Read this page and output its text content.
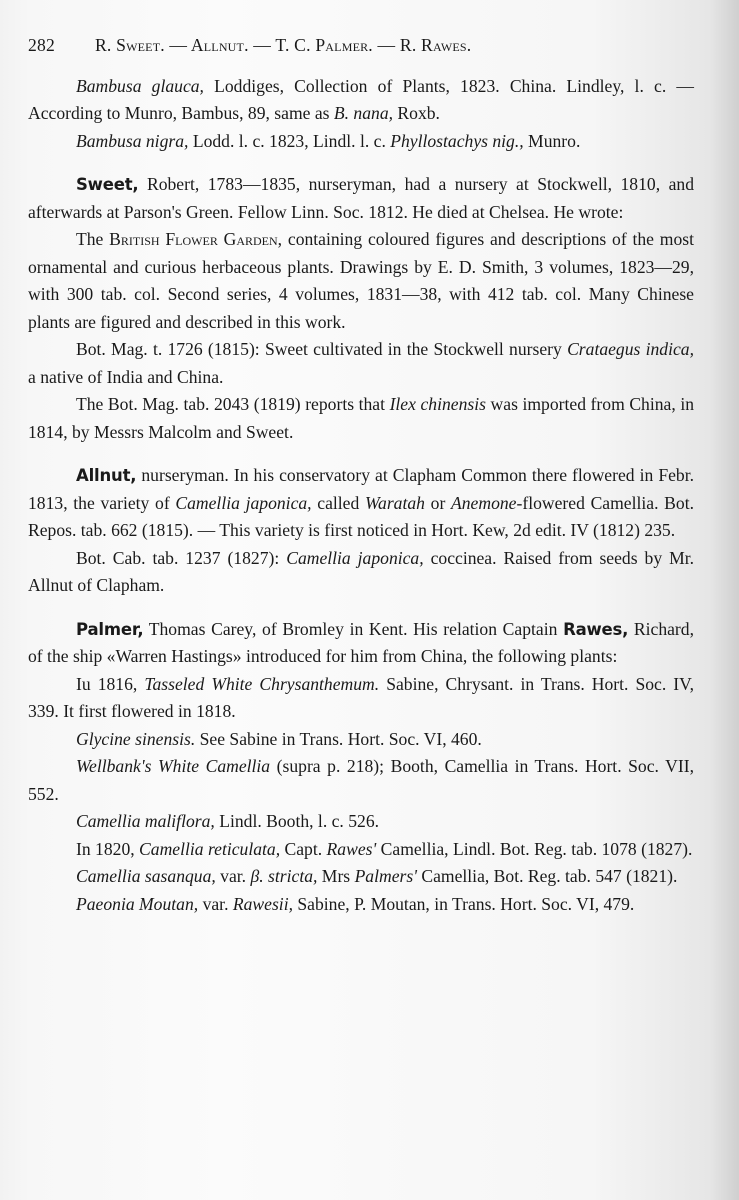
282 R. Sweet. — Allnut. — T. C. Palmer. — R. Rawes.

Bambusa glauca, Loddiges, Collection of Plants, 1823. China. Lindley, l. c. — According to Munro, Bambus, 89, same as B. nana, Roxb.

Bambusa nigra, Lodd. l. c. 1823, Lindl. l. c. Phyllostachys nig., Munro.

Sweet, Robert, 1783—1835, nurseryman, had a nursery at Stockwell, 1810, and afterwards at Parson's Green. Fellow Linn. Soc. 1812. He died at Chelsea. He wrote:

The British Flower Garden, containing coloured figures and descriptions of the most ornamental and curious herbaceous plants. Drawings by E. D. Smith, 3 volumes, 1823—29, with 300 tab. col. Second series, 4 volumes, 1831—38, with 412 tab. col. Many Chinese plants are figured and described in this work.

Bot. Mag. t. 1726 (1815): Sweet cultivated in the Stockwell nursery Crataegus indica, a native of India and China.

The Bot. Mag. tab. 2043 (1819) reports that Ilex chinensis was imported from China, in 1814, by Messrs Malcolm and Sweet.

Allnut, nurseryman. In his conservatory at Clapham Common there flowered in Febr. 1813, the variety of Camellia japonica, called Waratah or Anemone-flowered Camellia. Bot. Repos. tab. 662 (1815). — This variety is first noticed in Hort. Kew, 2d edit. IV (1812) 235.

Bot. Cab. tab. 1237 (1827): Camellia japonica, coccinea. Raised from seeds by Mr. Allnut of Clapham.

Palmer, Thomas Carey, of Bromley in Kent. His relation Captain Rawes, Richard, of the ship «Warren Hastings» introduced for him from China, the following plants:

Iu 1816, Tasseled White Chrysanthemum. Sabine, Chrysant. in Trans. Hort. Soc. IV, 339. It first flowered in 1818.

Glycine sinensis. See Sabine in Trans. Hort. Soc. VI, 460.

Wellbank's White Camellia (supra p. 218); Booth, Camellia in Trans. Hort. Soc. VII, 552.

Camellia maliflora, Lindl. Booth, l. c. 526.

In 1820, Camellia reticulata, Capt. Rawes' Camellia, Lindl. Bot. Reg. tab. 1078 (1827).

Camellia sasanqua, var. β. stricta, Mrs Palmers' Camellia, Bot. Reg. tab. 547 (1821).

Paeonia Moutan, var. Rawesii, Sabine, P. Moutan, in Trans. Hort. Soc. VI, 479.
